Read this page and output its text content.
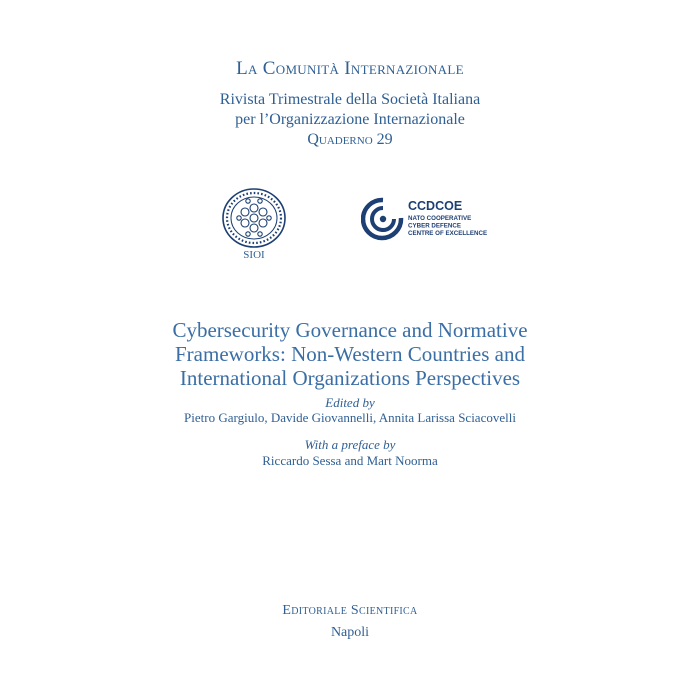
La Comunità Internazionale
Rivista Trimestrale della Società Italiana
per l’Organizzazione Internazionale
Quaderno 29
SIOI
CCDCOE
NATO COOPERATIVE
CYBER DEFENCE
CENTRE OF EXCELLENCE
Cybersecurity Governance and Normative
Frameworks: Non-Western Countries and
International Organizations Perspectives
Edited by
Pietro Gargiulo, Davide Giovannelli, Annita Larissa Sciacovelli
With a preface by
Riccardo Sessa and Mart Noorma
Editoriale Scientifica
Napoli
